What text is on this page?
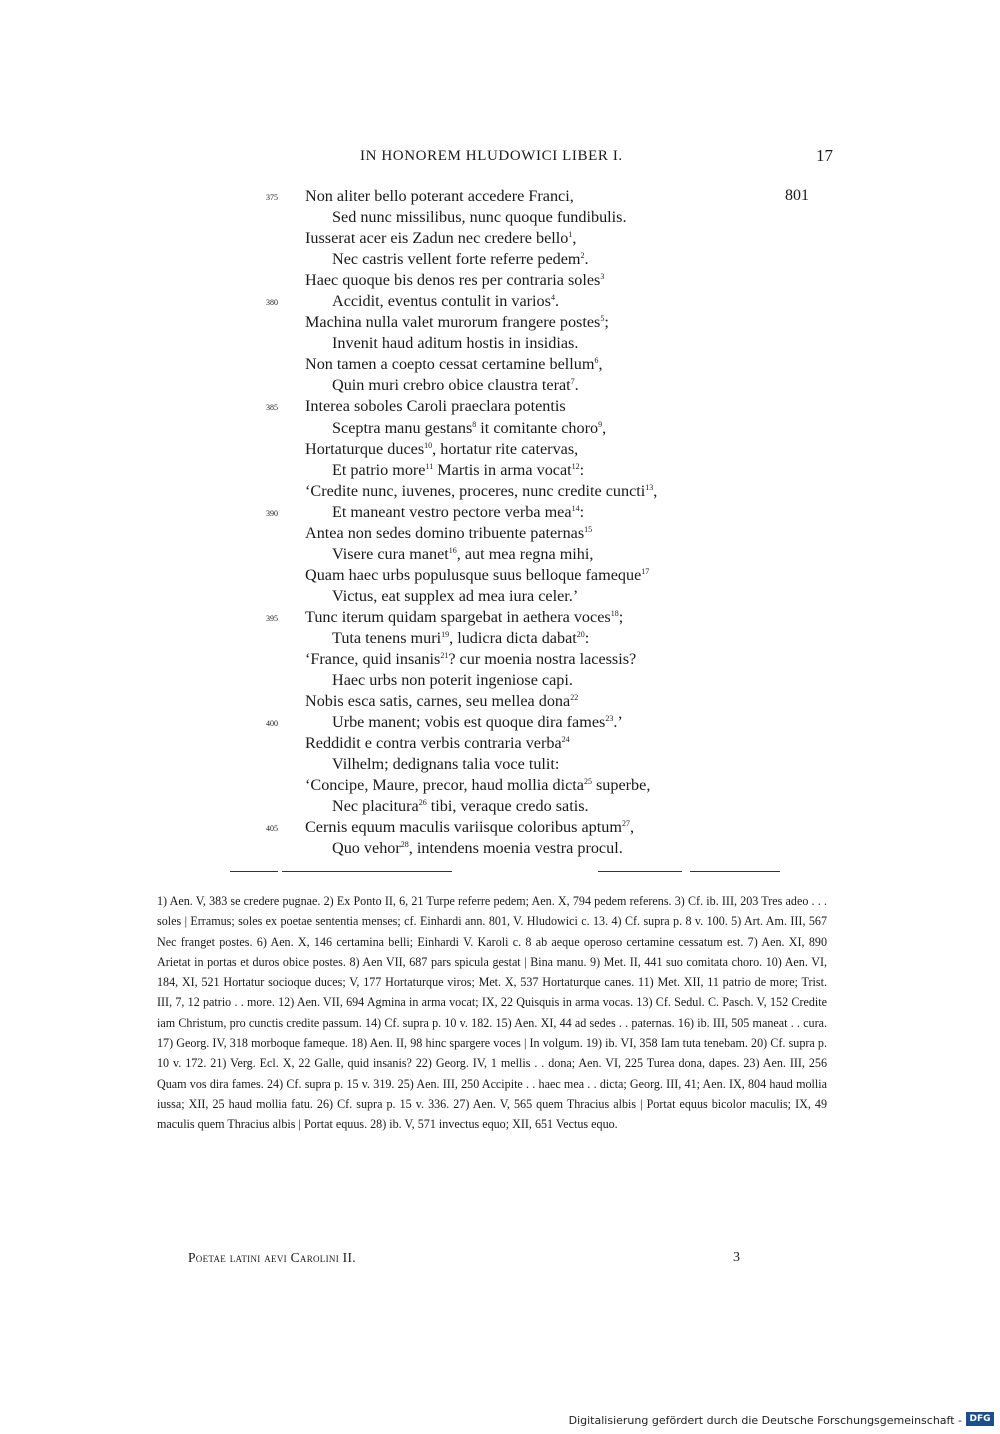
IN HONOREM HLUDOWICI LIBER I.	17
801
375 Non aliter bello poterant accedere Franci,
Sed nunc missilibus, nunc quoque fundibulis.
Iusserat acer eis Zadun nec credere bello$^1$,
Nec castris vellent forte referre pedem$^2$.
Haec quoque bis denos res per contraria soles$^3$
380	Accidit, eventus contulit in varios$^4$.
Machina nulla valet murorum frangere postes$^5$;
Invenit haud aditum hostis in insidias.
Non tamen a coepto cessat certamine bellum$^6$,
Quin muri crebro obice claustra terat$^7$.
385 Interea soboles Caroli praeclara potentis
Sceptra manu gestans$^8$ it comitante choro$^9$,
Hortaturque duces$^{10}$, hortatur rite catervas,
Et patrio more$^{11}$ Martis in arma vocat$^{12}$:
‘Credite nunc, iuvenes, proceres, nunc credite cuncti$^{13}$,
390	Et maneant vestro pectore verba mea$^{14}$:
Antea non sedes domino tribuente paternas$^{15}$
Visere cura manet$^{16}$, aut mea regna mihi,
Quam haec urbs populusque suus belloque fameque$^{17}$
Victus, eat supplex ad mea iura celer.’
395 Tunc iterum quidam spargebat in aethera voces$^{18}$;
Tuta tenens muri$^{19}$, ludicra dicta dabat$^{20}$:
‘France, quid insanis$^{21}$? cur moenia nostra lacessis?
Haec urbs non poterit ingeniose capi.
Nobis esca satis, carnes, seu mellea dona$^{22}$
400	Urbe manent; vobis est quoque dira fames$^{23}$.’
Reddidit e contra verbis contraria verba$^{24}$
Vilhelm; dedignans talia voce tulit:
‘Concipe, Maure, precor, haud mollia dicta$^{25}$ superbe,
Nec placitura$^{26}$ tibi, veraque credo satis.
405 Cernis equum maculis variisque coloribus aptum$^{27}$,
Quo vehor$^{28}$, intendens moenia vestra procul.
1) Aen. V, 383 se credere pugnae. 2) Ex Ponto II, 6, 21 Turpe referre pedem; Aen. X, 794 pedem referens. 3) Cf. ib. III, 203 Tres adeo . . . soles | Erramus; soles ex poetae sententia menses; cf. Einhardi ann. 801, V. Hludowici c. 13. 4) Cf. supra p. 8 v. 100. 5) Art. Am. III, 567 Nec franget postes. 6) Aen. X, 146 certamina belli; Einhardi V. Karoli c. 8 ab aeque operoso certamine cessatum est. 7) Aen. XI, 890 Arietat in portas et duros obice postes. 8) Aen VII, 687 pars spicula gestat | Bina manu. 9) Met. II, 441 suo comitata choro. 10) Aen. VI, 184, XI, 521 Hortatur socioque duces; V, 177 Hortaturque viros; Met. X, 537 Hortaturque canes. 11) Met. XII, 11 patrio de more; Trist. III, 7, 12 patrio . . more. 12) Aen. VII, 694 Agmina in arma vocat; IX, 22 Quisquis in arma vocas. 13) Cf. Sedul. C. Pasch. V, 152 Credite iam Christum, pro cunctis credite passum. 14) Cf. supra p. 10 v. 182. 15) Aen. XI, 44 ad sedes . . paternas. 16) ib. III, 505 maneat . . cura. 17) Georg. IV, 318 morboque fameque. 18) Aen. II, 98 hinc spargere voces | In volgum. 19) ib. VI, 358 Iam tuta tenebam. 20) Cf. supra p. 10 v. 172. 21) Verg. Ecl. X, 22 Galle, quid insanis? 22) Georg. IV, 1 mellis . . dona; Aen. VI, 225 Turea dona, dapes. 23) Aen. III, 256 Quam vos dira fames. 24) Cf. supra p. 15 v. 319. 25) Aen. III, 250 Accipite . . haec mea . . dicta; Georg. III, 41; Aen. IX, 804 haud mollia iussa; XII, 25 haud mollia fatu. 26) Cf. supra p. 15 v. 336. 27) Aen. V, 565 quem Thracius albis | Portat equus bicolor maculis; IX, 49 maculis quem Thracius albis | Portat equus. 28) ib. V, 571 invectus equo; XII, 651 Vectus equo.
Poetae latini aevi Carolini II.	3
Digitalisierung gefördert durch die Deutsche Forschungsgemeinschaft - DFG
